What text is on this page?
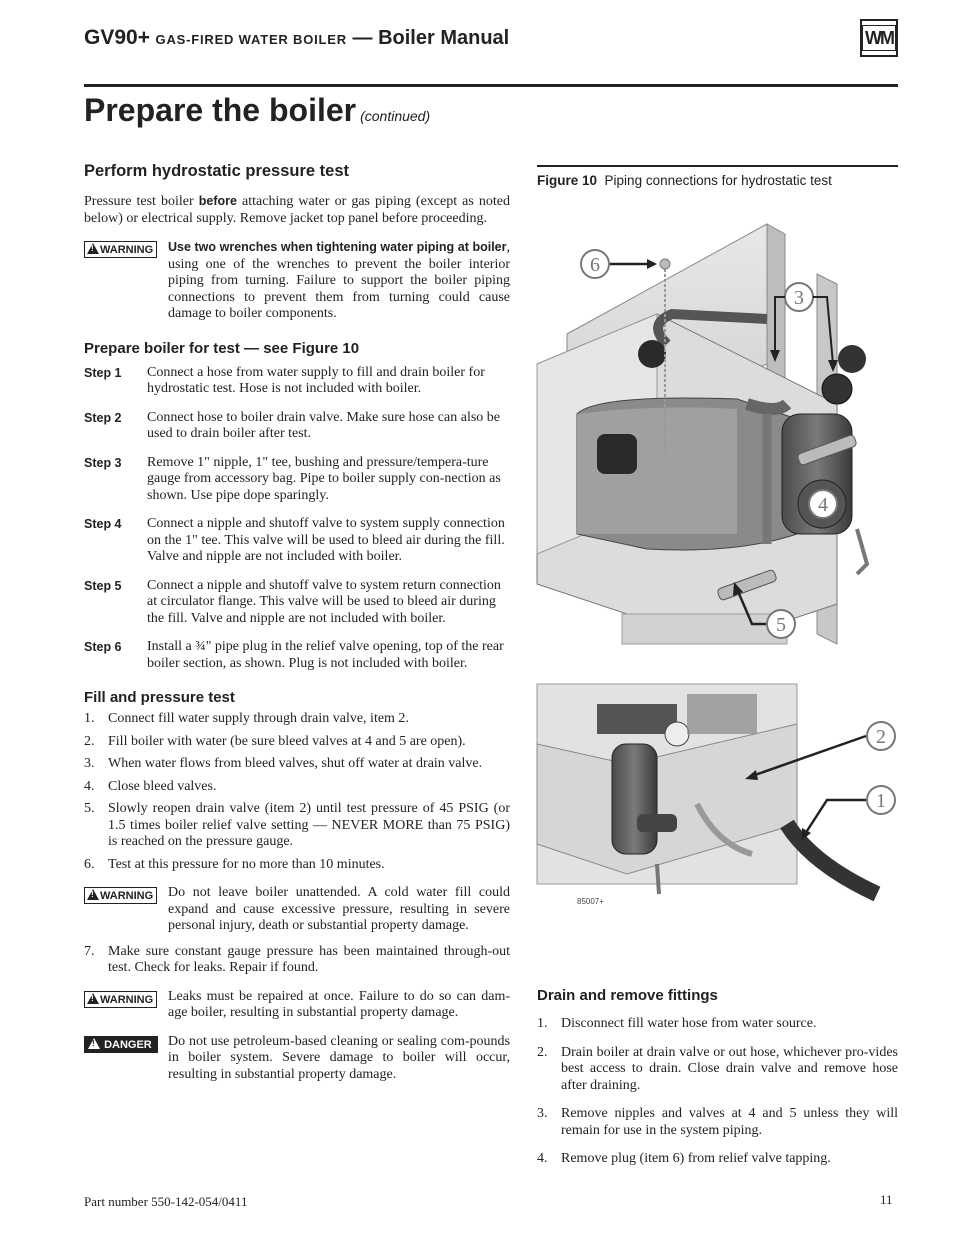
GV90+ GAS-FIRED WATER BOILER — Boiler Manual	WM
Prepare the boiler (continued)
Perform hydrostatic pressure test

Pressure test boiler before attaching water or gas piping (except as noted below) or electrical supply. Remove jacket top panel before proceeding.

!WARNING	Use two wrenches when tightening water piping at boiler, using one of the wrenches to prevent the boiler interior piping from turning. Failure to support the boiler piping connections to prevent them from turning could cause damage to boiler components.

Prepare boiler for test — see Figure 10
Step 1 Connect a hose from water supply to fill and drain boiler for hydrostatic test. Hose is not included with boiler.

Step 2 Connect hose to boiler drain valve. Make sure hose can also be used to drain boiler after test.

Step 3 Remove 1" nipple, 1" tee, bushing and pressure/tempera-ture gauge from accessory bag. Pipe to boiler supply con-nection as shown. Use pipe dope sparingly.

Step 4 Connect a nipple and shutoff valve to system supply connection on the 1" tee. This valve will be used to bleed air during the fill. Valve and nipple are not included with boiler.

Step 5 Connect a nipple and shutoff valve to system return connection at circulator flange. This valve will be used to bleed air during the fill. Valve and nipple are not included with boiler.

Step 6 Install a ¾" pipe plug in the relief valve opening, top of the rear boiler section, as shown. Plug is not included with boiler.

Fill and pressure test
1. Connect fill water supply through drain valve, item 2.

2. Fill boiler with water (be sure bleed valves at 4 and 5 are open).

3. When water flows from bleed valves, shut off water at drain valve.

4. Close bleed valves.

5. Slowly reopen drain valve (item 2) until test pressure of 45 PSIG (or 1.5 times boiler relief valve setting — NEVER MORE than 75 PSIG) is reached on the pressure gauge.

6. Test at this pressure for no more than 10 minutes.

!WARNING Do not leave boiler unattended. A cold water fill could expand and cause excessive pressure, resulting in severe personal injury, death or substantial property damage.

7. Make sure constant gauge pressure has been maintained through-out test. Check for leaks. Repair if found.

!WARNING Leaks must be repaired at once. Failure to do so can dam-age boiler, resulting in substantial property damage.

! DANGER	Do not use petroleum-based cleaning or sealing com-pounds in boiler system. Severe damage to boiler will occur, resulting in substantial property damage.

Figure 10 Piping connections for hydrostatic test
6
3
4
5
2
1
85007+
Drain and remove fittings
1. Disconnect fill water hose from water source.

2. Drain boiler at drain valve or out hose, whichever pro-vides best access to drain. Close drain valve and remove hose after draining.

3. Remove nipples and valves at 4 and 5 unless they will remain for use in the system piping.

4. Remove plug (item 6) from relief valve tapping.

Part number 550-142-054/0411	11
